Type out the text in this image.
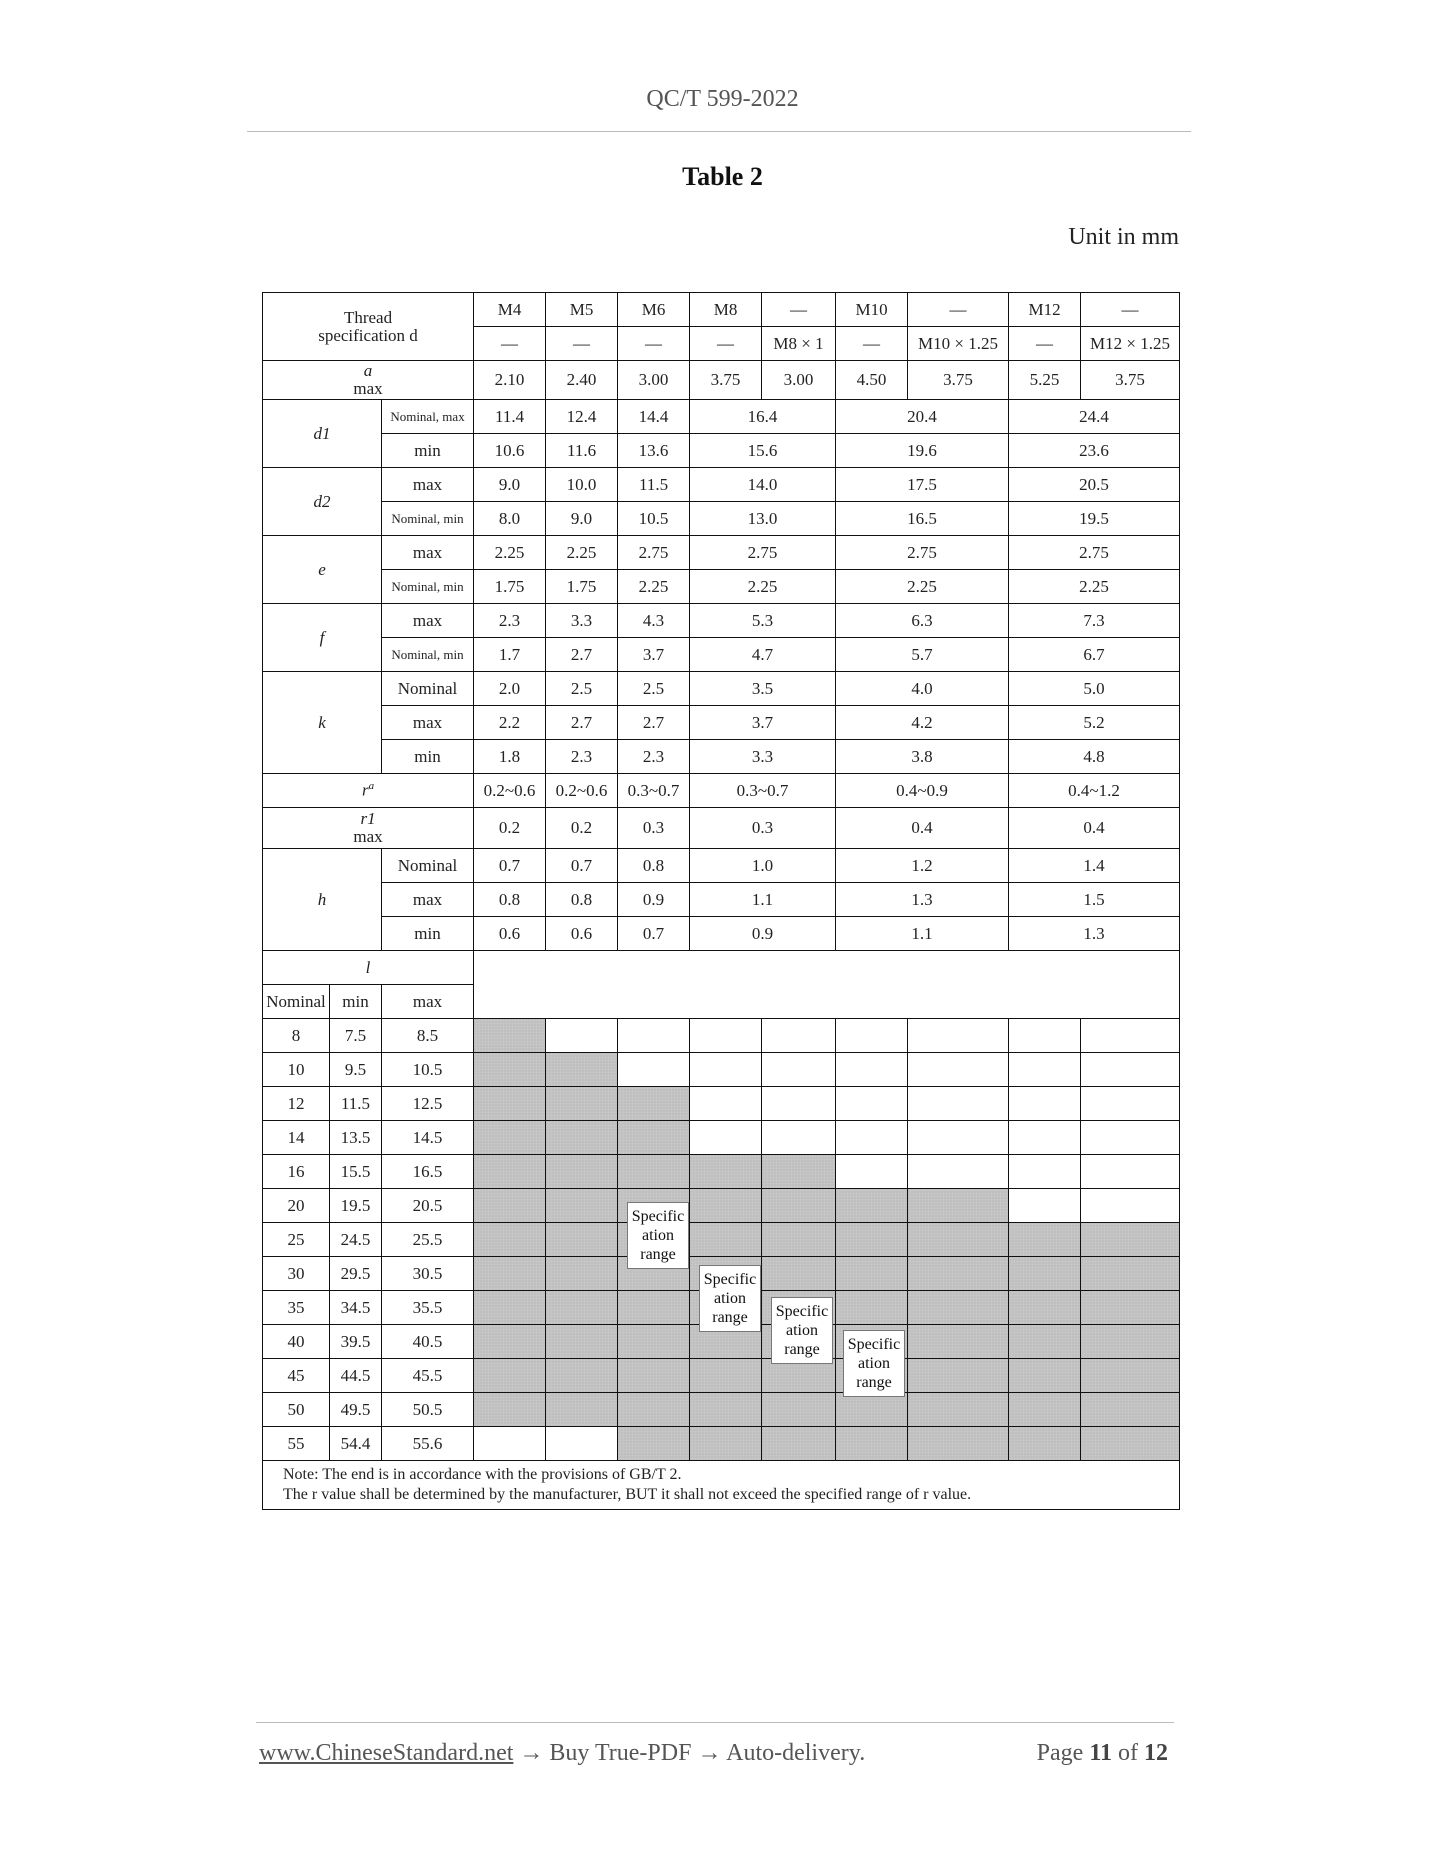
QC/T 599-2022
Table 2
Unit in mm
Thread specification d			M4	M5	M6	M8	—	M10	—	M12	—
			—	—	—	—	M8 × 1	—	M10 × 1.25	—	M12 × 1.25
a
max			2.10	2.40	3.00	3.75	3.00	4.50	3.75	5.25	3.75
d1		Nominal, max	11.4	12.4	14.4	16.4		20.4		24.4	
		min	10.6	11.6	13.6	15.6		19.6		23.6	
d2		max	9.0	10.0	11.5	14.0		17.5		20.5	
		Nominal, min	8.0	9.0	10.5	13.0		16.5		19.5	
e		max	2.25	2.25	2.75	2.75		2.75		2.75	
		Nominal, min	1.75	1.75	2.25	2.25		2.25		2.25	
f		max	2.3	3.3	4.3	5.3		6.3		7.3	
		Nominal, min	1.7	2.7	3.7	4.7		5.7		6.7	
k		Nominal	2.0	2.5	2.5	3.5		4.0		5.0	
		max	2.2	2.7	2.7	3.7		4.2		5.2	
		min	1.8	2.3	2.3	3.3		3.8		4.8	
$r^a$			0.2~0.6	0.2~0.6	0.3~0.7	0.3~0.7		0.4~0.9		0.4~1.2	
r1
max			0.2	0.2	0.3	0.3		0.4		0.4	
h		Nominal	0.7	0.7	0.8	1.0		1.2		1.4	
		max	0.8	0.8	0.9	1.1		1.3		1.5	
		min	0.6	0.6	0.7	0.9		1.1		1.3	
l											
Nominal	min	max									
8	7.5	8.5									
10	9.5	10.5									
12	11.5	12.5									
14	13.5	14.5									
16	15.5	16.5									
20	19.5	20.5									
25	24.5	25.5									
30	29.5	30.5									
35	34.5	35.5									
40	39.5	40.5									
45	44.5	45.5									
50	49.5	50.5									
55	54.4	55.6									

Note: The end is in accordance with the provisions of GB/T 2.
The r value shall be determined by the manufacturer, BUT it shall not exceed the specified range of r value.											
Specific ation range
Specific ation range	Specific ation range	Specific ation range
www.ChineseStandard.net → Buy True-PDF → Auto-delivery.	Page 11 of 12
